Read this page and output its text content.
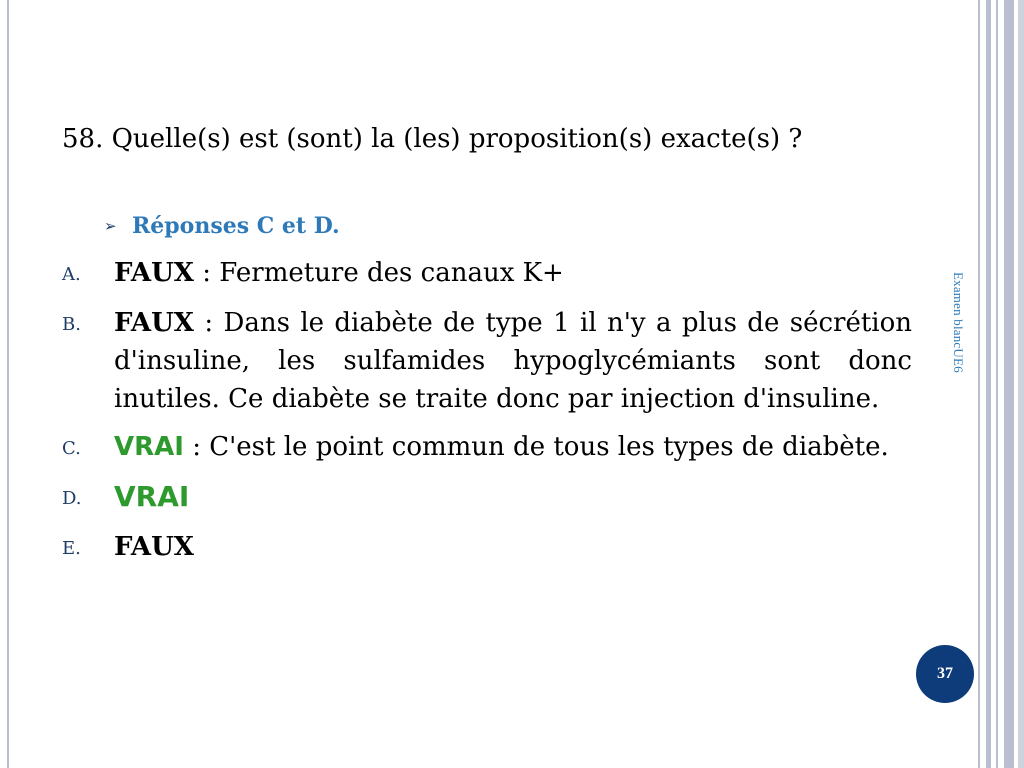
58. Quelle(s) est (sont) la (les) proposition(s) exacte(s) ?
➢ Réponses C et D.
A.	FAUX : Fermeture des canaux K+
B.	FAUX : Dans le diabète de type 1 il n'y a plus de sécrétion d'insuline, les sulfamides hypoglycémiants sont donc inutiles. Ce diabète se traite donc par injection d'insuline.
C.	VRAI : C'est le point commun de tous les types de diabète.
D.	VRAI
E.	FAUX
Examen blancUE6
37
